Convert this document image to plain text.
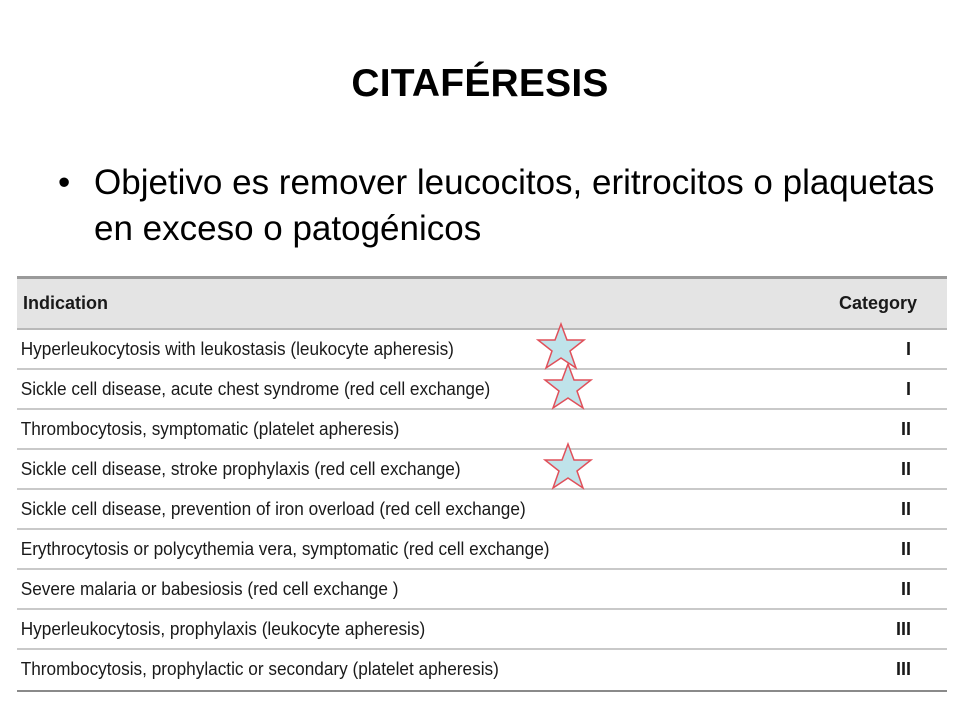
CITAFÉRESIS
• Objetivo es remover leucocitos, eritrocitos o plaquetas en exceso o patogénicos
Indication	Category
Hyperleukocytosis with leukostasis (leukocyte apheresis)	I
Sickle cell disease, acute chest syndrome (red cell exchange)	I
Thrombocytosis, symptomatic (platelet apheresis)	II
Sickle cell disease, stroke prophylaxis (red cell exchange)	II
Sickle cell disease, prevention of iron overload (red cell exchange)	II
Erythrocytosis or polycythemia vera, symptomatic (red cell exchange)	II
Severe malaria or babesiosis (red cell exchange )	II
Hyperleukocytosis, prophylaxis (leukocyte apheresis)	III
Thrombocytosis, prophylactic or secondary (platelet apheresis)	III
